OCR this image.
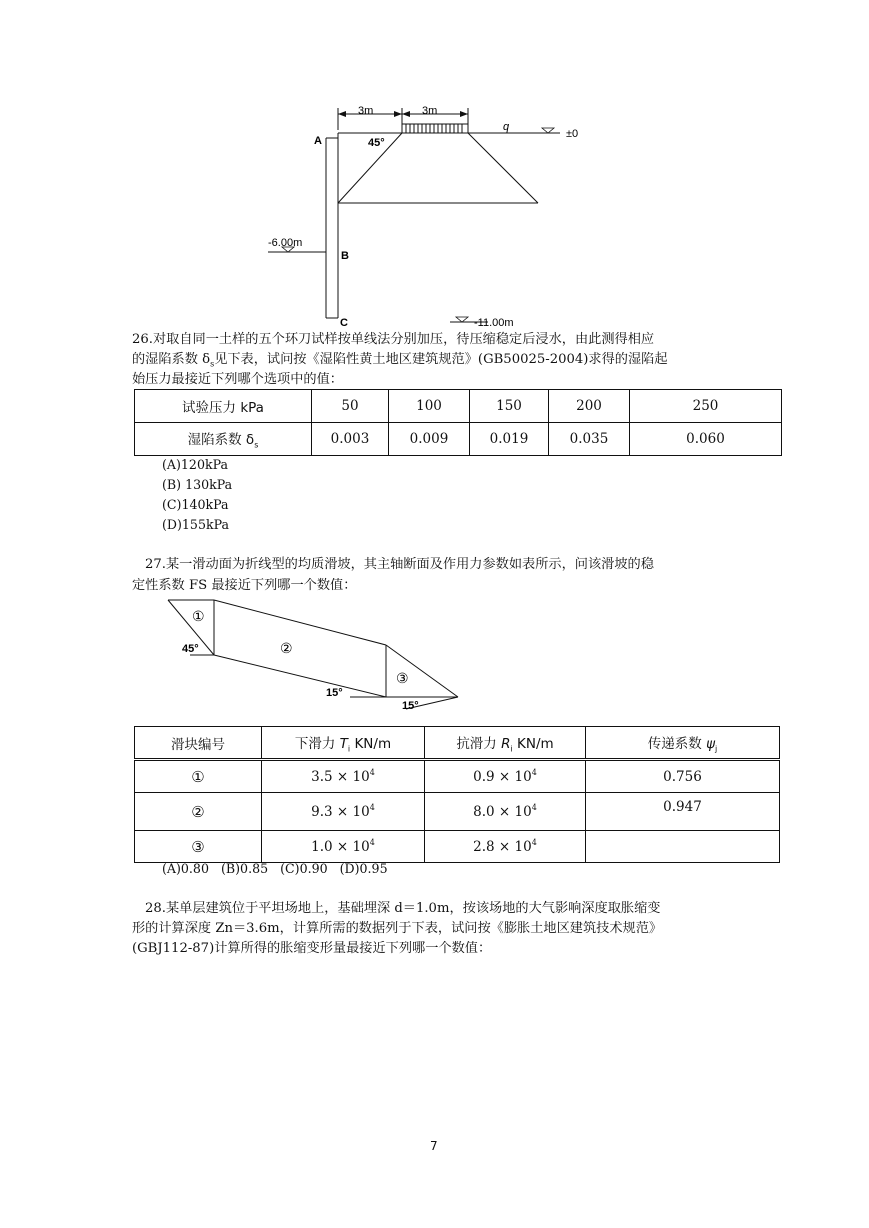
3m	3m
A	45°
q
±0
-6.00m
B
C	-11.00m
26.对取自同一土样的五个环刀试样按单线法分别加压，待压缩稳定后浸水，由此测得相应
的湿陷系数 $\delta_s$见下表，试问按《湿陷性黄土地区建筑规范》(GB50025-2004)求得的湿陷起
始压力最接近下列哪个选项中的值：
试验压力 kPa	50	100	150	200	250
湿陷系数 $\delta_s$	0.003	0.009	0.019	0.035	0.060
(A)120kPa
(B) 130kPa
(C)140kPa
(D)155kPa
27.某一滑动面为折线型的均质滑坡，其主轴断面及作用力参数如表所示，问该滑坡的稳
定性系数 FS 最接近下列哪一个数值：
①
②
③
45°
15°
15°
滑块编号	下滑力 $T_i$ KN/m	抗滑力 $R_i$ KN/m	传递系数 $\psi_j$
①	$3.5 \times 10^4$	$0.9 \times 10^4$	0.756
②	$9.3 \times 10^4$	$8.0 \times 10^4$	0.947
③	$1.0 \times 10^4$	$2.8 \times 10^4$	
(A)0.80   (B)0.85   (C)0.90   (D)0.95
28.某单层建筑位于平坦场地上，基础埋深 d＝1.0m，按该场地的大气影响深度取胀缩变
形的计算深度 Zn＝3.6m，计算所需的数据列于下表，试问按《膨胀土地区建筑技术规范》
(GBJ112-87)计算所得的胀缩变形量最接近下列哪一个数值：
7
